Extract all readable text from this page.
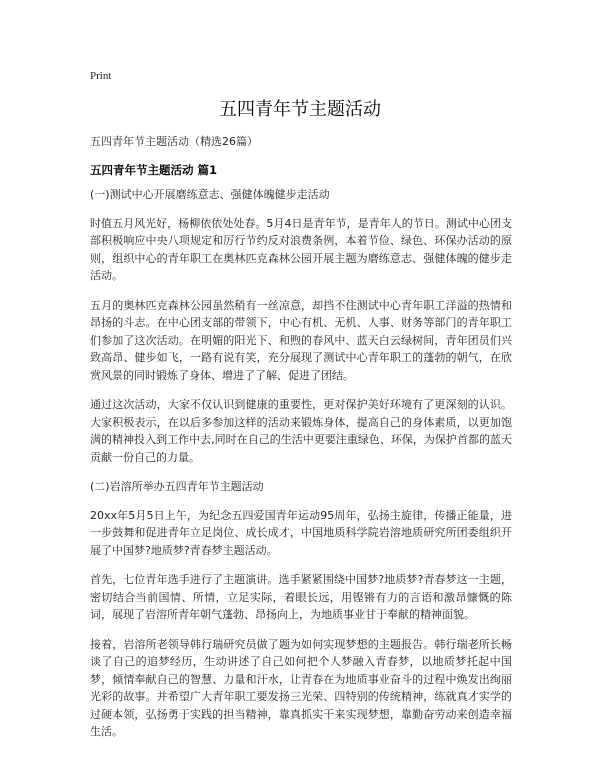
Print
五四青年节主题活动

五四青年节主题活动（精选26篇）

五四青年节主题活动 篇1

(一)测试中心开展磨练意志、强健体魄健步走活动

时值五月风光好，杨柳依依处处春。5月4日是青年节，是青年人的节日。测试中心团支部积极响应中央八项规定和厉行节约反对浪费条例，本着节俭、绿色、环保办活动的原则，组织中心的青年职工在奥林匹克森林公园开展主题为磨练意志、强健体魄的健步走活动。

五月的奥林匹克森林公园虽然稍有一丝凉意，却挡不住测试中心青年职工洋溢的热情和昂扬的斗志。在中心团支部的带领下，中心有机、无机、人事、财务等部门的青年职工们参加了这次活动。在明媚的阳光下、和煦的春风中、蓝天白云绿树间，青年团员们兴致高昂、健步如飞，一路有说有笑，充分展现了测试中心青年职工的蓬勃的朝气，在欣赏风景的同时锻炼了身体、增进了了解、促进了团结。

通过这次活动，大家不仅认识到健康的重要性，更对保护美好环境有了更深刻的认识。大家积极表示，在以后多参加这样的活动来锻炼身体，提高自己的身体素质，以更加饱满的精神投入到工作中去,同时在自己的生活中更要注重绿色、环保，为保护首都的蓝天贡献一份自己的力量。

(二)岩溶所举办五四青年节主题活动

20xx年5月5日上午，为纪念五四爱国青年运动95周年，弘扬主旋律，传播正能量，进一步鼓舞和促进青年立足岗位、成长成才，中国地质科学院岩溶地质研究所团委组织开展了中国梦?地质梦?青春梦主题活动。

首先，七位青年选手进行了主题演讲。选手紧紧围绕中国梦?地质梦?青春梦这一主题，密切结合当前国情、所情，立足实际，着眼长远，用铿锵有力的言语和激昂慷慨的陈词，展现了岩溶所青年朝气蓬勃、昂扬向上，为地质事业甘于奉献的精神面貌。

接着，岩溶所老领导韩行瑞研究员做了题为如何实现梦想的主题报告。韩行瑞老所长畅谈了自己的追梦经历，生动讲述了自己如何把个人梦融入青春梦，以地质梦托起中国梦，倾情奉献自己的智慧、力量和汗水，让青春在为地质事业奋斗的过程中焕发出绚丽光彩的故事。并希望广大青年职工要发扬三光荣、四特别的传统精神，练就真才实学的过硬本领，弘扬勇于实践的担当精神，靠真抓实干来实现梦想，靠勤奋劳动来创造幸福生活。
